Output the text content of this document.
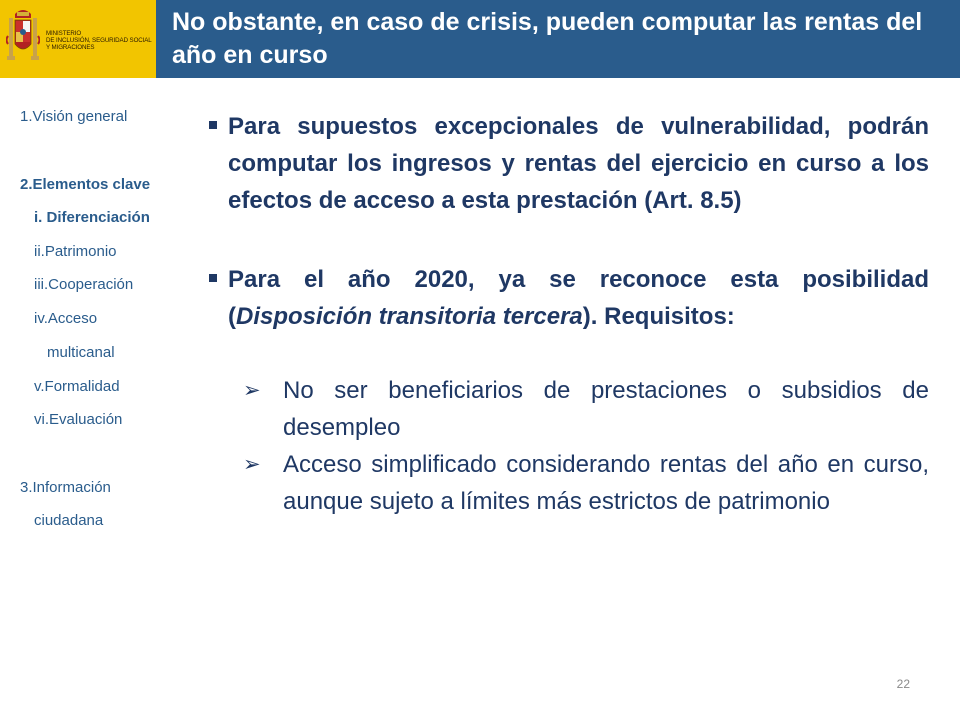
MINISTERIO
DE INCLUSIÓN, SEGURIDAD SOCIAL
Y MIGRACIONES
No obstante, en caso de crisis, pueden computar las rentas del año en curso
1.Visión general
2.Elementos clave
i. Diferenciación
ii.Patrimonio
iii.Cooperación
iv.Acceso
multicanal
v.Formalidad
vi.Evaluación
3.Información
ciudadana
Para supuestos excepcionales de vulnerabilidad, podrán computar los ingresos y rentas del ejercicio en curso a los efectos de acceso a esta prestación (Art. 8.5)
Para el año 2020, ya se reconoce esta posibilidad (Disposición transitoria tercera). Requisitos:
➢ No ser beneficiarios de prestaciones o subsidios de desempleo
➢ Acceso simplificado considerando rentas del año en curso, aunque sujeto a límites más estrictos de patrimonio
22
